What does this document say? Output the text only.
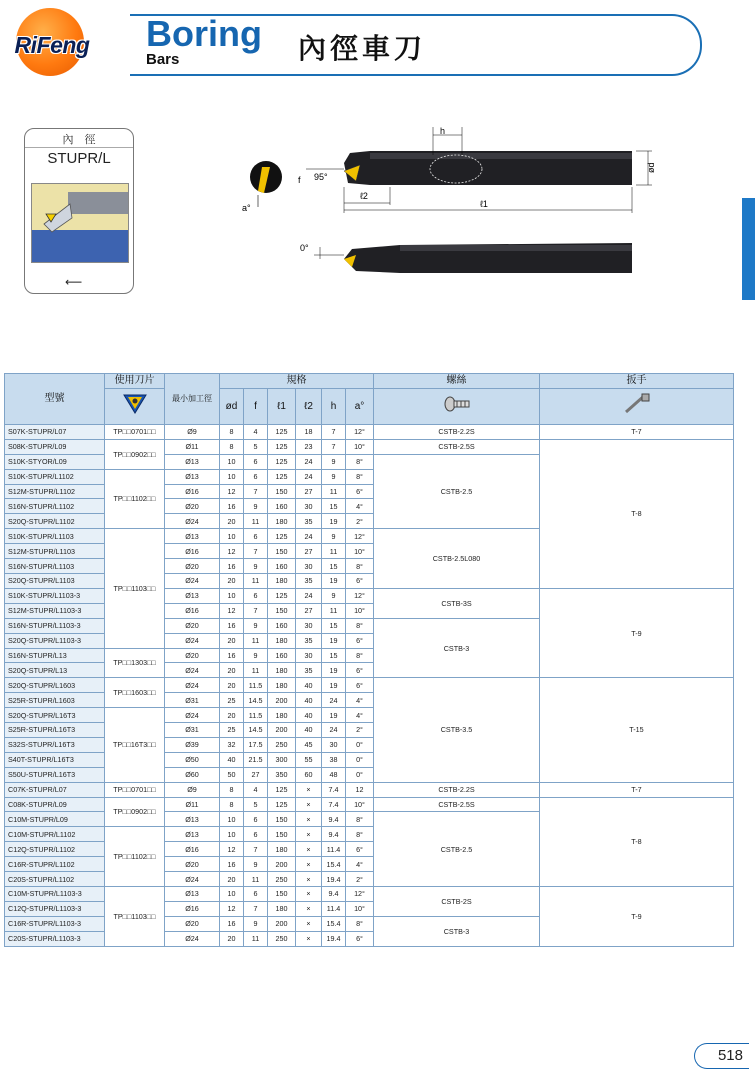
RiFeng	Boring
Bars	內徑車刀
內　徑
STUPR/L
⟵
a°
h
f 95°
ℓ2
ℓ1
ød
0°
型號	使用刀片	最小加工徑	規格						螺絲	扳手
	ød	f	ℓ1	ℓ2	h	a°		
S07K-STUPR/L07	TP□□0701□□	Ø9	8	4	125	18	7	12°	CSTB-2.2S	T-7
S08K-STUPR/L09	TP□□0902□□	Ø11	8	5	125	23	7	10°	CSTB-2.5S	T-8
S10K-STYOR/L09		Ø13	10	6	125	24	9	8°	CSTB-2.5	
S10K-STUPR/L1102	TP□□1102□□	Ø13	10	6	125	24	9	8°		
S12M-STUPR/L1102		Ø16	12	7	150	27	11	6°		
S16N-STUPR/L1102		Ø20	16	9	160	30	15	4°		
S20Q-STUPR/L1102		Ø24	20	11	180	35	19	2°		
S10K-STUPR/L1103	TP□□1103□□	Ø13	10	6	125	24	9	12°	CSTB-2.5L080	
S12M-STUPR/L1103		Ø16	12	7	150	27	11	10°		
S16N-STUPR/L1103		Ø20	16	9	160	30	15	8°		
S20Q-STUPR/L1103		Ø24	20	11	180	35	19	6°		
S10K-STUPR/L1103-3		Ø13	10	6	125	24	9	12°	CSTB-3S	T-9
S12M-STUPR/L1103-3		Ø16	12	7	150	27	11	10°		
S16N-STUPR/L1103-3		Ø20	16	9	160	30	15	8°	CSTB-3	
S20Q-STUPR/L1103-3		Ø24	20	11	180	35	19	6°		
S16N-STUPR/L13	TP□□1303□□	Ø20	16	9	160	30	15	8°		
S20Q-STUPR/L13		Ø24	20	11	180	35	19	6°		
S20Q-STUPR/L1603	TP□□1603□□	Ø24	20	11.5	180	40	19	6°	CSTB-3.5	T-15
S25R-STUPR/L1603		Ø31	25	14.5	200	40	24	4°		
S20Q-STUPR/L16T3	TP□□16T3□□	Ø24	20	11.5	180	40	19	4°		
S25R-STUPR/L16T3		Ø31	25	14.5	200	40	24	2°		
S32S-STUPR/L16T3		Ø39	32	17.5	250	45	30	0°		
S40T-STUPR/L16T3		Ø50	40	21.5	300	55	38	0°		
S50U-STUPR/L16T3		Ø60	50	27	350	60	48	0°		
C07K-STUPR/L07	TP□□0701□□	Ø9	8	4	125	×	7.4	12	CSTB-2.2S	T-7
C08K-STUPR/L09	TP□□0902□□	Ø11	8	5	125	×	7.4	10°	CSTB-2.5S	T-8
C10M-STUPR/L09		Ø13	10	6	150	×	9.4	8°	CSTB-2.5	
C10M-STUPR/L1102	TP□□1102□□	Ø13	10	6	150	×	9.4	8°		
C12Q-STUPR/L1102		Ø16	12	7	180	×	11.4	6°		
C16R-STUPR/L1102		Ø20	16	9	200	×	15.4	4°		
C20S-STUPR/L1102		Ø24	20	11	250	×	19.4	2°		
C10M-STUPR/L1103-3	TP□□1103□□	Ø13	10	6	150	×	9.4	12°	CSTB-2S	T-9
C12Q-STUPR/L1103-3		Ø16	12	7	180	×	11.4	10°		
C16R-STUPR/L1103-3		Ø20	16	9	200	×	15.4	8°	CSTB-3	
C20S-STUPR/L1103-3		Ø24	20	11	250	×	19.4	6°		
518
